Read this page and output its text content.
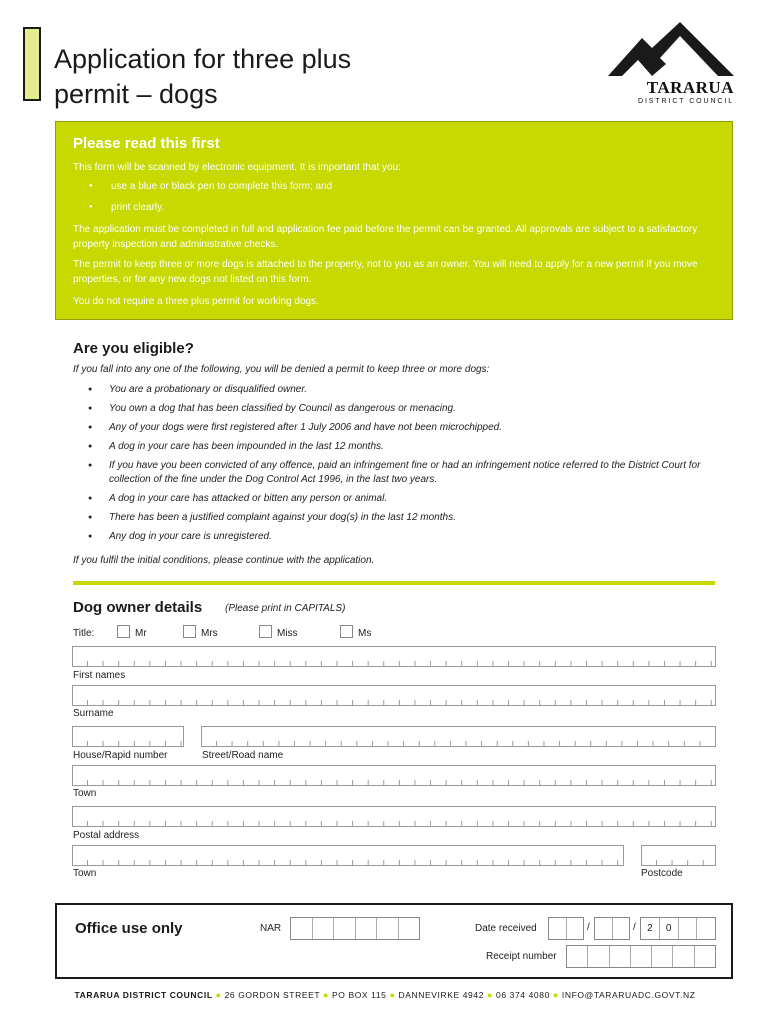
Application for three plus
permit – dogs	TARARUA
DISTRICT COUNCIL
Please read this first

This form will be scanned by electronic equipment. It is important that you:

● use a blue or black pen to complete this form; and
● print clearly.

The application must be completed in full and application fee paid before the permit can be granted. All approvals are subject to a satisfactory property inspection and administrative checks.

The permit to keep three or more dogs is attached to the property, not to you as an owner. You will need to apply for a new permit if you move properties, or for any new dogs not listed on this form.

You do not require a three plus permit for working dogs.

Are you eligible?
If you fall into any one of the following, you will be denied a permit to keep three or more dogs:
● You are a probationary or disqualified owner.
● You own a dog that has been classified by Council as dangerous or menacing.
● Any of your dogs were first registered after 1 July 2006 and have not been microchipped.
● A dog in your care has been impounded in the last 12 months.
● If you have you been convicted of any offence, paid an infringement fine or had an infringement notice referred to the District Court for collection of the fine under the Dog Control Act 1996, in the last two years.
● A dog in your care has attacked or bitten any person or animal.
● There has been a justified complaint against your dog(s) in the last 12 months.
● Any dog in your care is unregistered.
If you fulfil the initial conditions, please continue with the application.
Dog owner details (Please print in CAPITALS)
Title:	Mr	Mrs	Miss	Ms
First names
Surname
House/Rapid number	Street/Road name
Town
Postal address
Town	Postcode
Office use only	NAR	Date received	/	/	2	0
Receipt number
TARARUA DISTRICT COUNCIL ● 26 GORDON STREET ● PO BOX 115 ● DANNEVIRKE 4942 ● 06 374 4080 ● INFO@TARARUADC.GOVT.NZ
